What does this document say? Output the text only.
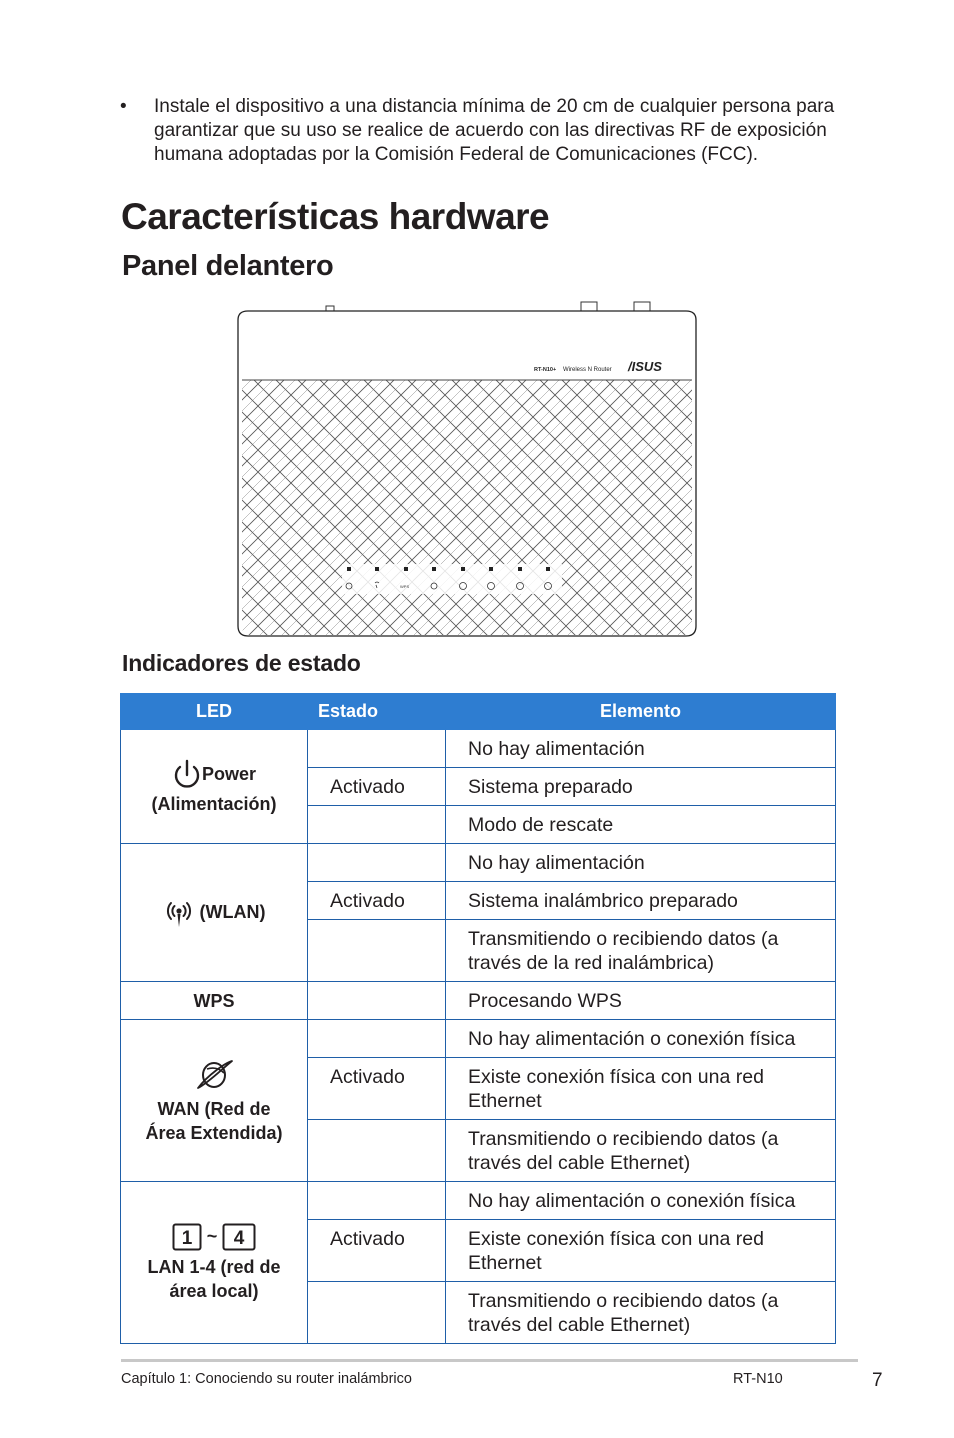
• Instale el dispositivo a una distancia mínima de 20 cm de cualquier persona para garantizar que su uso se realice de acuerdo con las directivas RF de exposición humana adoptadas por la Comisión Federal de Comunicaciones (FCC).
Características hardware
Panel delantero
RT-N10+ Wireless N Router /ISUS
WPS
Indicadores de estado
LED	Estado	Elemento

Power
(Alimentación)		No hay alimentación
	Activado	Sistema preparado
		Modo de rescate
(WLAN)		No hay alimentación
	Activado	Sistema inalámbrico preparado
		Transmitiendo o recibiendo datos (a través de la red inalámbrica)
WPS		Procesando WPS

WAN (Red de
Área Extendida)		No hay alimentación o conexión física
	Activado	Existe conexión física con una red Ethernet
		Transmitiendo o recibiendo datos (a través del cable Ethernet)

1 ~ 4
LAN 1-4 (red de
área local)		No hay alimentación o conexión física
	Activado	Existe conexión física con una red Ethernet
		Transmitiendo o recibiendo datos (a través del cable Ethernet)
Capítulo 1: Conociendo su router inalámbrico	RT-N10	7
